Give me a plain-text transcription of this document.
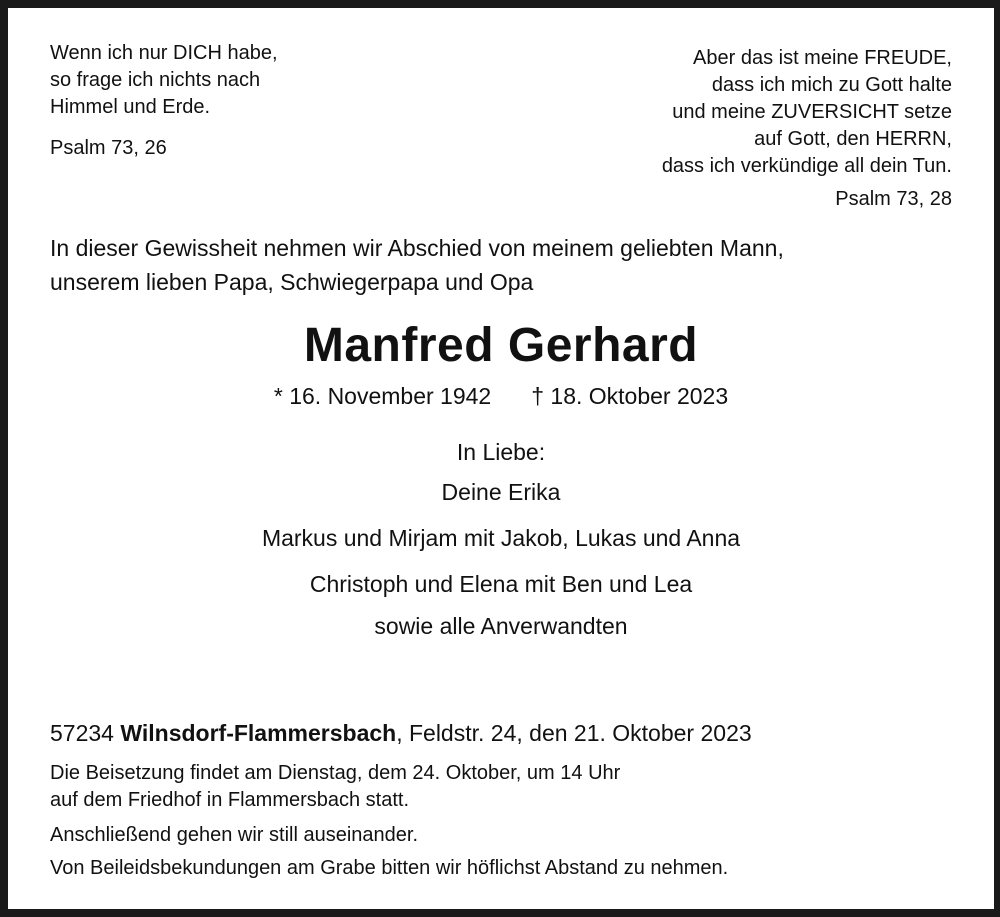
Wenn ich nur DICH habe,
so frage ich nichts nach
Himmel und Erde.
Psalm 73, 26
Aber das ist meine FREUDE,
dass ich mich zu Gott halte
und meine ZUVERSICHT setze
auf Gott, den HERRN,
dass ich verkündige all dein Tun.
Psalm 73, 28
In dieser Gewissheit nehmen wir Abschied von meinem geliebten Mann,
unserem lieben Papa, Schwiegerpapa und Opa
Manfred Gerhard
* 16. November 1942 † 18. Oktober 2023
In Liebe:
Deine Erika
Markus und Mirjam mit Jakob, Lukas und Anna
Christoph und Elena mit Ben und Lea
sowie alle Anverwandten
57234 Wilnsdorf-Flammersbach, Feldstr. 24, den 21. Oktober 2023
Die Beisetzung findet am Dienstag, dem 24. Oktober, um 14 Uhr
auf dem Friedhof in Flammersbach statt.
Anschließend gehen wir still auseinander.
Von Beileidsbekundungen am Grabe bitten wir höflichst Abstand zu nehmen.
